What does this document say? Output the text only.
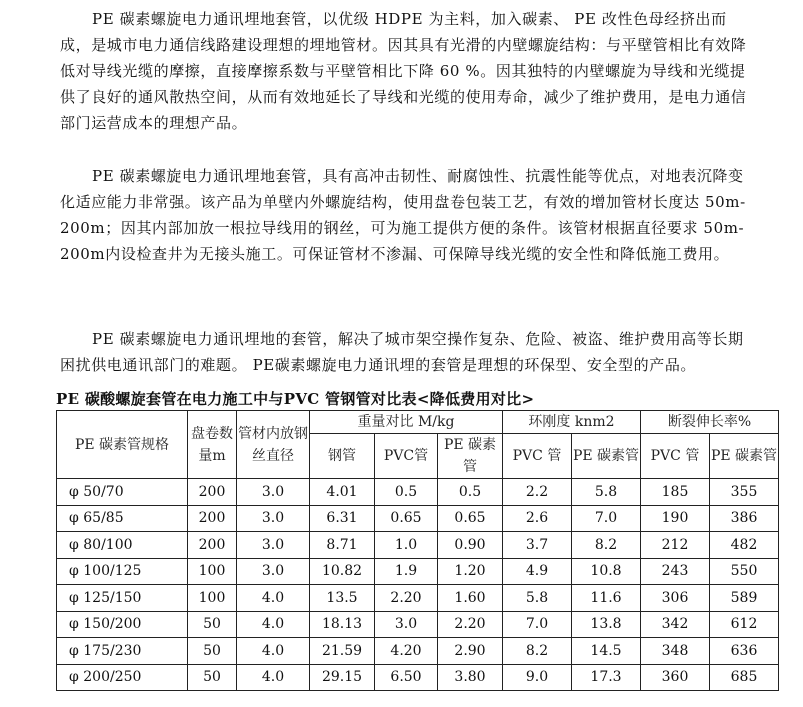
PE 碳素螺旋电力通讯埋地套管，以优级 HDPE 为主料，加入碳素、 PE 改性色母经挤出而成，是城市电力通信线路建设理想的埋地管材。因其具有光滑的内壁螺旋结构：与平壁管相比有效降低对导线光缆的摩擦，直接摩擦系数与平壁管相比下降 60 %。因其独特的内壁螺旋为导线和光缆提供了良好的通风散热空间，从而有效地延长了导线和光缆的使用寿命，减少了维护费用，是电力通信部门运营成本的理想产品。

PE 碳素螺旋电力通讯埋地套管，具有高冲击韧性、耐腐蚀性、抗震性能等优点，对地表沉降变化适应能力非常强。该产品为单壁内外螺旋结构，使用盘卷包装工艺，有效的增加管材长度达 50m-200m；因其内部加放一根拉导线用的钢丝，可为施工提供方便的条件。该管材根据直径要求 50m-200m内设检查井为无接头施工。可保证管材不渗漏、可保障导线光缆的安全性和降低施工费用。

PE 碳素螺旋电力通讯埋地的套管，解决了城市架空操作复杂、危险、被盗、维护费用高等长期困扰供电通讯部门的难题。 PE碳素螺旋电力通讯埋的套管是理想的环保型、安全型的产品。

PE 碳酸螺旋套管在电力施工中与PVC 管钢管对比表<降低费用对比>

PE 碳素管规格	盘卷数量m	管材内放钢丝直径	重量对比 M/kg			环刚度 knm2		断裂伸长率%	
			钢管	PVC管	PE 碳素管	PVC 管	PE 碳素管	PVC 管	PE 碳素管
φ 50/70	200	3.0	4.01	0.5	0.5	2.2	5.8	185	355
φ 65/85	200	3.0	6.31	0.65	0.65	2.6	7.0	190	386
φ 80/100	200	3.0	8.71	1.0	0.90	3.7	8.2	212	482
φ 100/125	100	3.0	10.82	1.9	1.20	4.9	10.8	243	550
φ 125/150	100	4.0	13.5	2.20	1.60	5.8	11.6	306	589
φ 150/200	50	4.0	18.13	3.0	2.20	7.0	13.8	342	612
φ 175/230	50	4.0	21.59	4.20	2.90	8.2	14.5	348	636
φ 200/250	50	4.0	29.15	6.50	3.80	9.0	17.3	360	685
